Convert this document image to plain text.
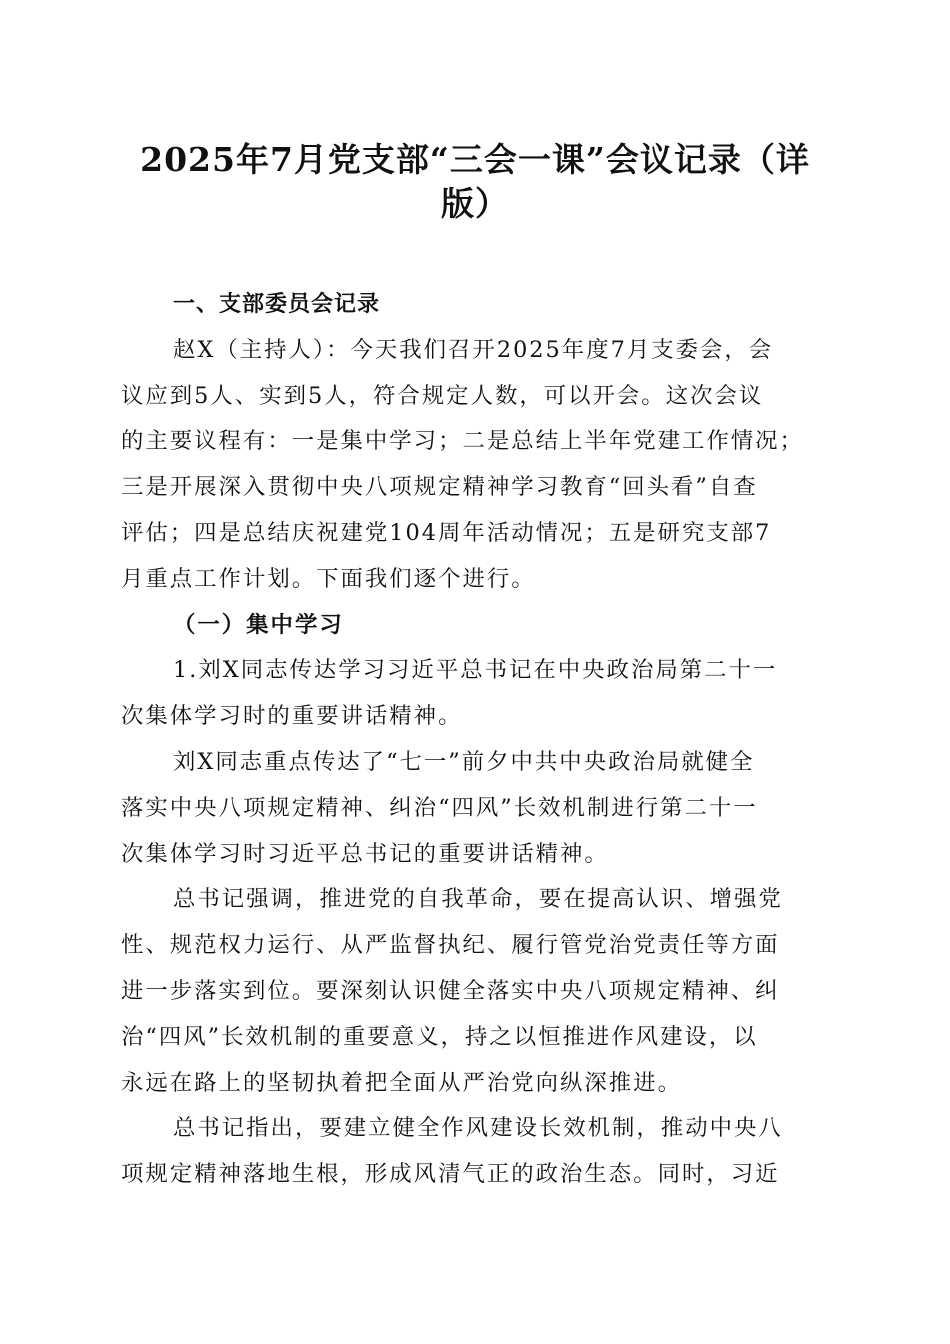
2025年7月党支部“三会一课”会议记录（详
版）
一、支部委员会记录
赵X（主持人）：今天我们召开2025年度7月支委会，会
议应到5人、实到5人，符合规定人数，可以开会。这次会议
的主要议程有：一是集中学习；二是总结上半年党建工作情况；
三是开展深入贯彻中央八项规定精神学习教育“回头看”自查
评估；四是总结庆祝建党104周年活动情况；五是研究支部7
月重点工作计划。下面我们逐个进行。
（一）集中学习
1.刘X同志传达学习习近平总书记在中央政治局第二十一
次集体学习时的重要讲话精神。
刘X同志重点传达了“七一”前夕中共中央政治局就健全
落实中央八项规定精神、纠治“四风”长效机制进行第二十一
次集体学习时习近平总书记的重要讲话精神。
总书记强调，推进党的自我革命，要在提高认识、增强党
性、规范权力运行、从严监督执纪、履行管党治党责任等方面
进一步落实到位。要深刻认识健全落实中央八项规定精神、纠
治“四风”长效机制的重要意义，持之以恒推进作风建设，以
永远在路上的坚韧执着把全面从严治党向纵深推进。
总书记指出，要建立健全作风建设长效机制，推动中央八
项规定精神落地生根，形成风清气正的政治生态。同时，习近
